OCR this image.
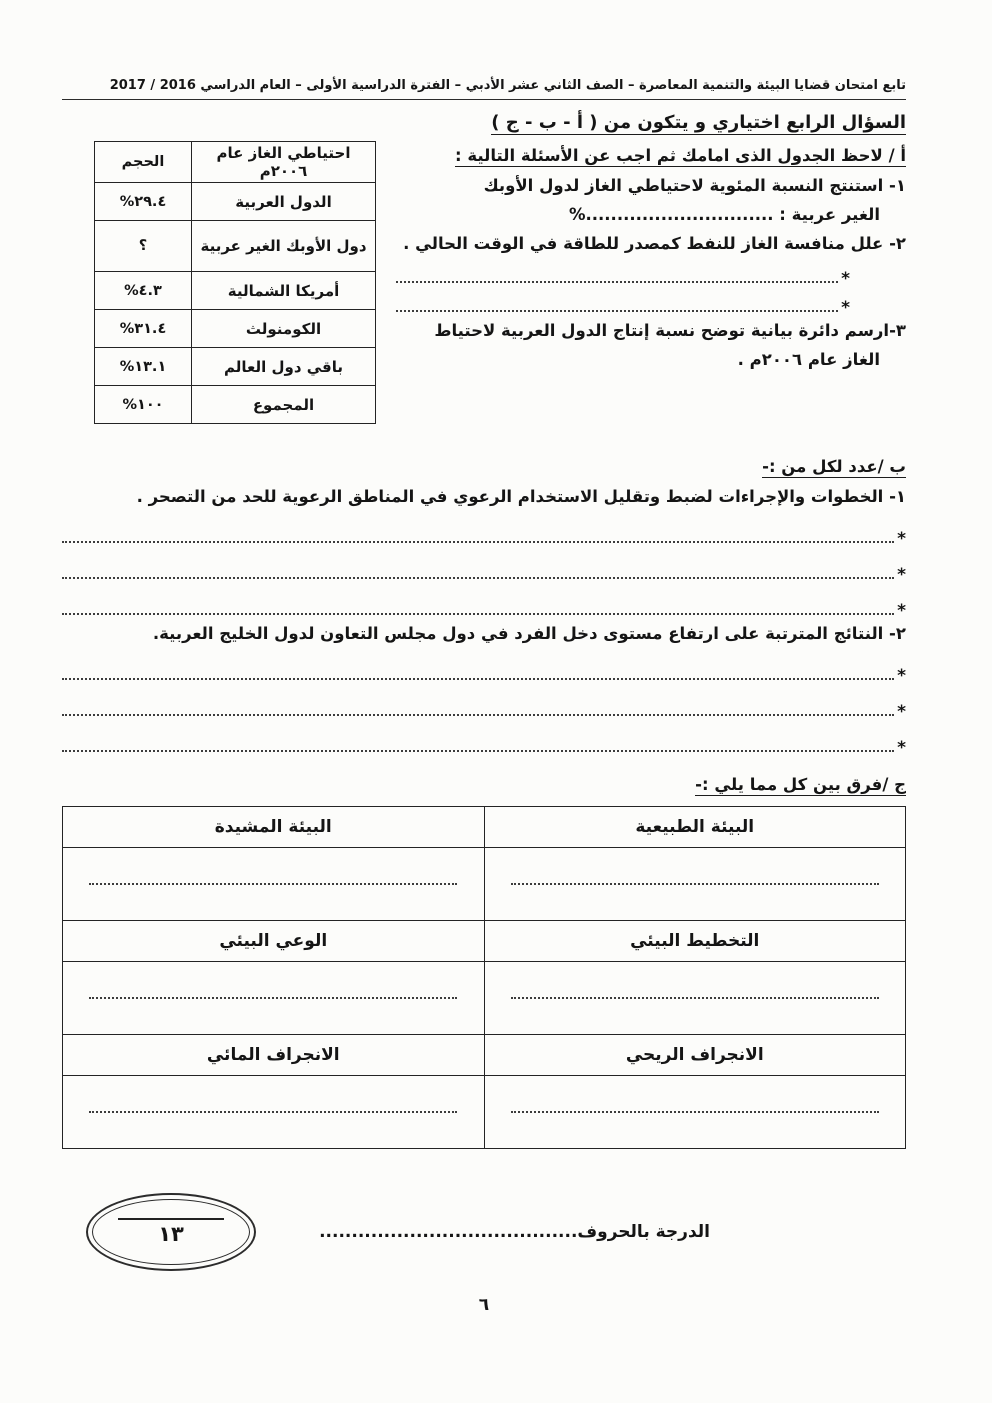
تابع امتحان قضايا البيئة والتنمية المعاصرة – الصف الثاني عشر الأدبي – الفترة الدراسية الأولى – العام الدراسي 2016 / 2017
السؤال الرابع اختياري و يتكون من ( أ - ب - ج )
أ / لاحظ الجدول الذى امامك ثم اجب عن الأسئلة التالية :
١- استنتج النسبة المئوية لاحتياطي الغاز لدول الأوبك
الغير عربية : ..............................%
٢- علل منافسة الغاز للنفط كمصدر للطاقة في الوقت الحالي .
*
*
٣-ارسم دائرة بيانية توضح نسبة إنتاج الدول العربية لاحتياط
الغاز عام ٢٠٠٦م .
احتياطي الغاز عام ٢٠٠٦م	الحجم
الدول العربية	%٢٩.٤
دول الأوبك الغير عربية	؟
أمريكا الشمالية	%٤.٣
الكومنولث	%٣١.٤
باقي دول العالم	%١٣.١
المجموع	%١٠٠
ب /عدد لكل من :-
١- الخطوات والإجراءات لضبط وتقليل الاستخدام الرعوي في المناطق الرعوية للحد من التصحر .
*
*
*
٢- النتائج المترتبة على ارتفاع مستوى دخل الفرد في دول مجلس التعاون لدول الخليج العربية.
*
*
*
ج /فرق بين كل مما يلي :-
البيئة الطبيعية	البيئة المشيدة

التخطيط البيئي	الوعي البيئي

الانجراف الريحي	الانجراف المائي

الدرجة بالحروف........................................
١٣
٦
